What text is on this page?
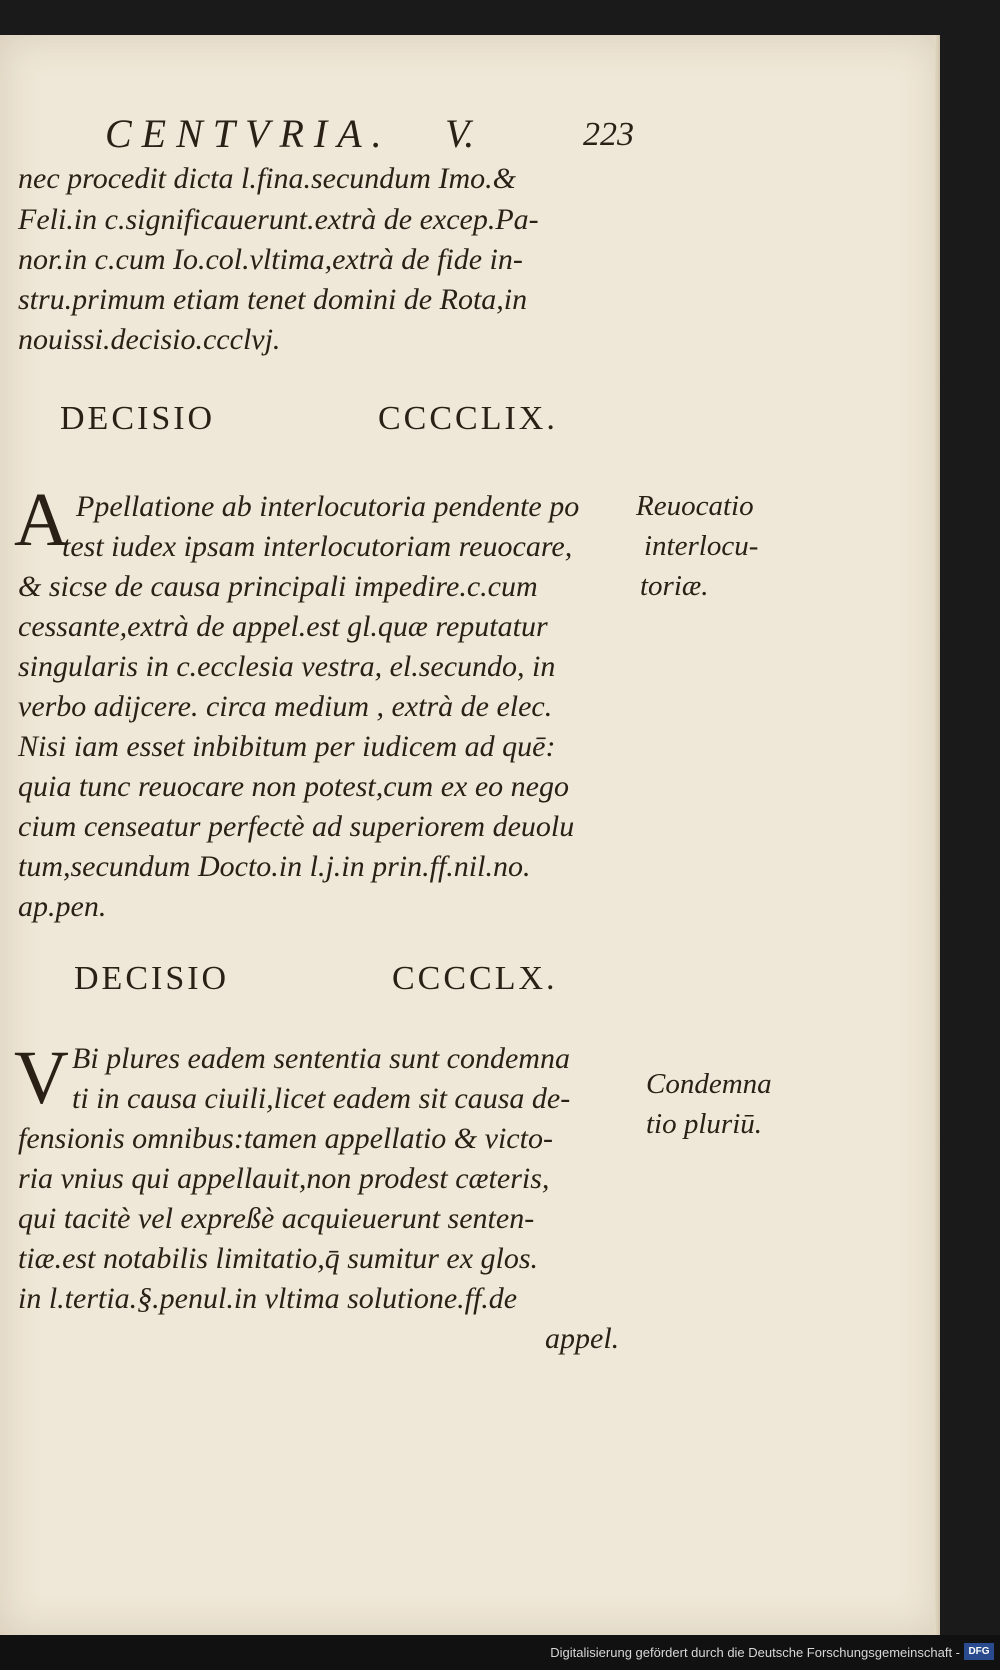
CENTVRIA. V.	223
nec procedit dicta l.fina.secundum Imo.&
Feli.in c.significauerunt.extrà de excep.Pa-
nor.in c.cum Io.col.vltima,extrà de fide in-
stru.primum etiam tenet domini de Rota,in
nouissi.decisio.ccclvj.
DECISIO	CCCCLIX.
A Ppellatione ab interlocutoria pendente po
test iudex ipsam interlocutoriam reuocare,
& sicse de causa principali impedire.c.cum
cessante,extrà de appel.est gl.quæ reputatur
singularis in c.ecclesia vestra, el.secundo, in
verbo adijcere. circa medium , extrà de elec.
Nisi iam esset inbibitum per iudicem ad quē:
quia tunc reuocare non potest,cum ex eo nego
cium censeatur perfectè ad superiorem deuolu
tum,secundum Docto.in l.j.in prin.ff.nil.no.
ap.pen.
Reuocatio
interlocu-
toriæ.
DECISIO	CCCCLX.
V Bi plures eadem sententia sunt condemna
ti in causa ciuili,licet eadem sit causa de-
fensionis omnibus:tamen appellatio & victo-
ria vnius qui appellauit,non prodest cæteris,
qui tacitè vel expreßè acquieuerunt senten-
tiæ.est notabilis limitatio,q̄ sumitur ex glos.
in l.tertia.§.penul.in vltima solutione.ff.de
appel.
Condemna
tio pluriū.
Digitalisierung gefördert durch die Deutsche Forschungsgemeinschaft - DFG
